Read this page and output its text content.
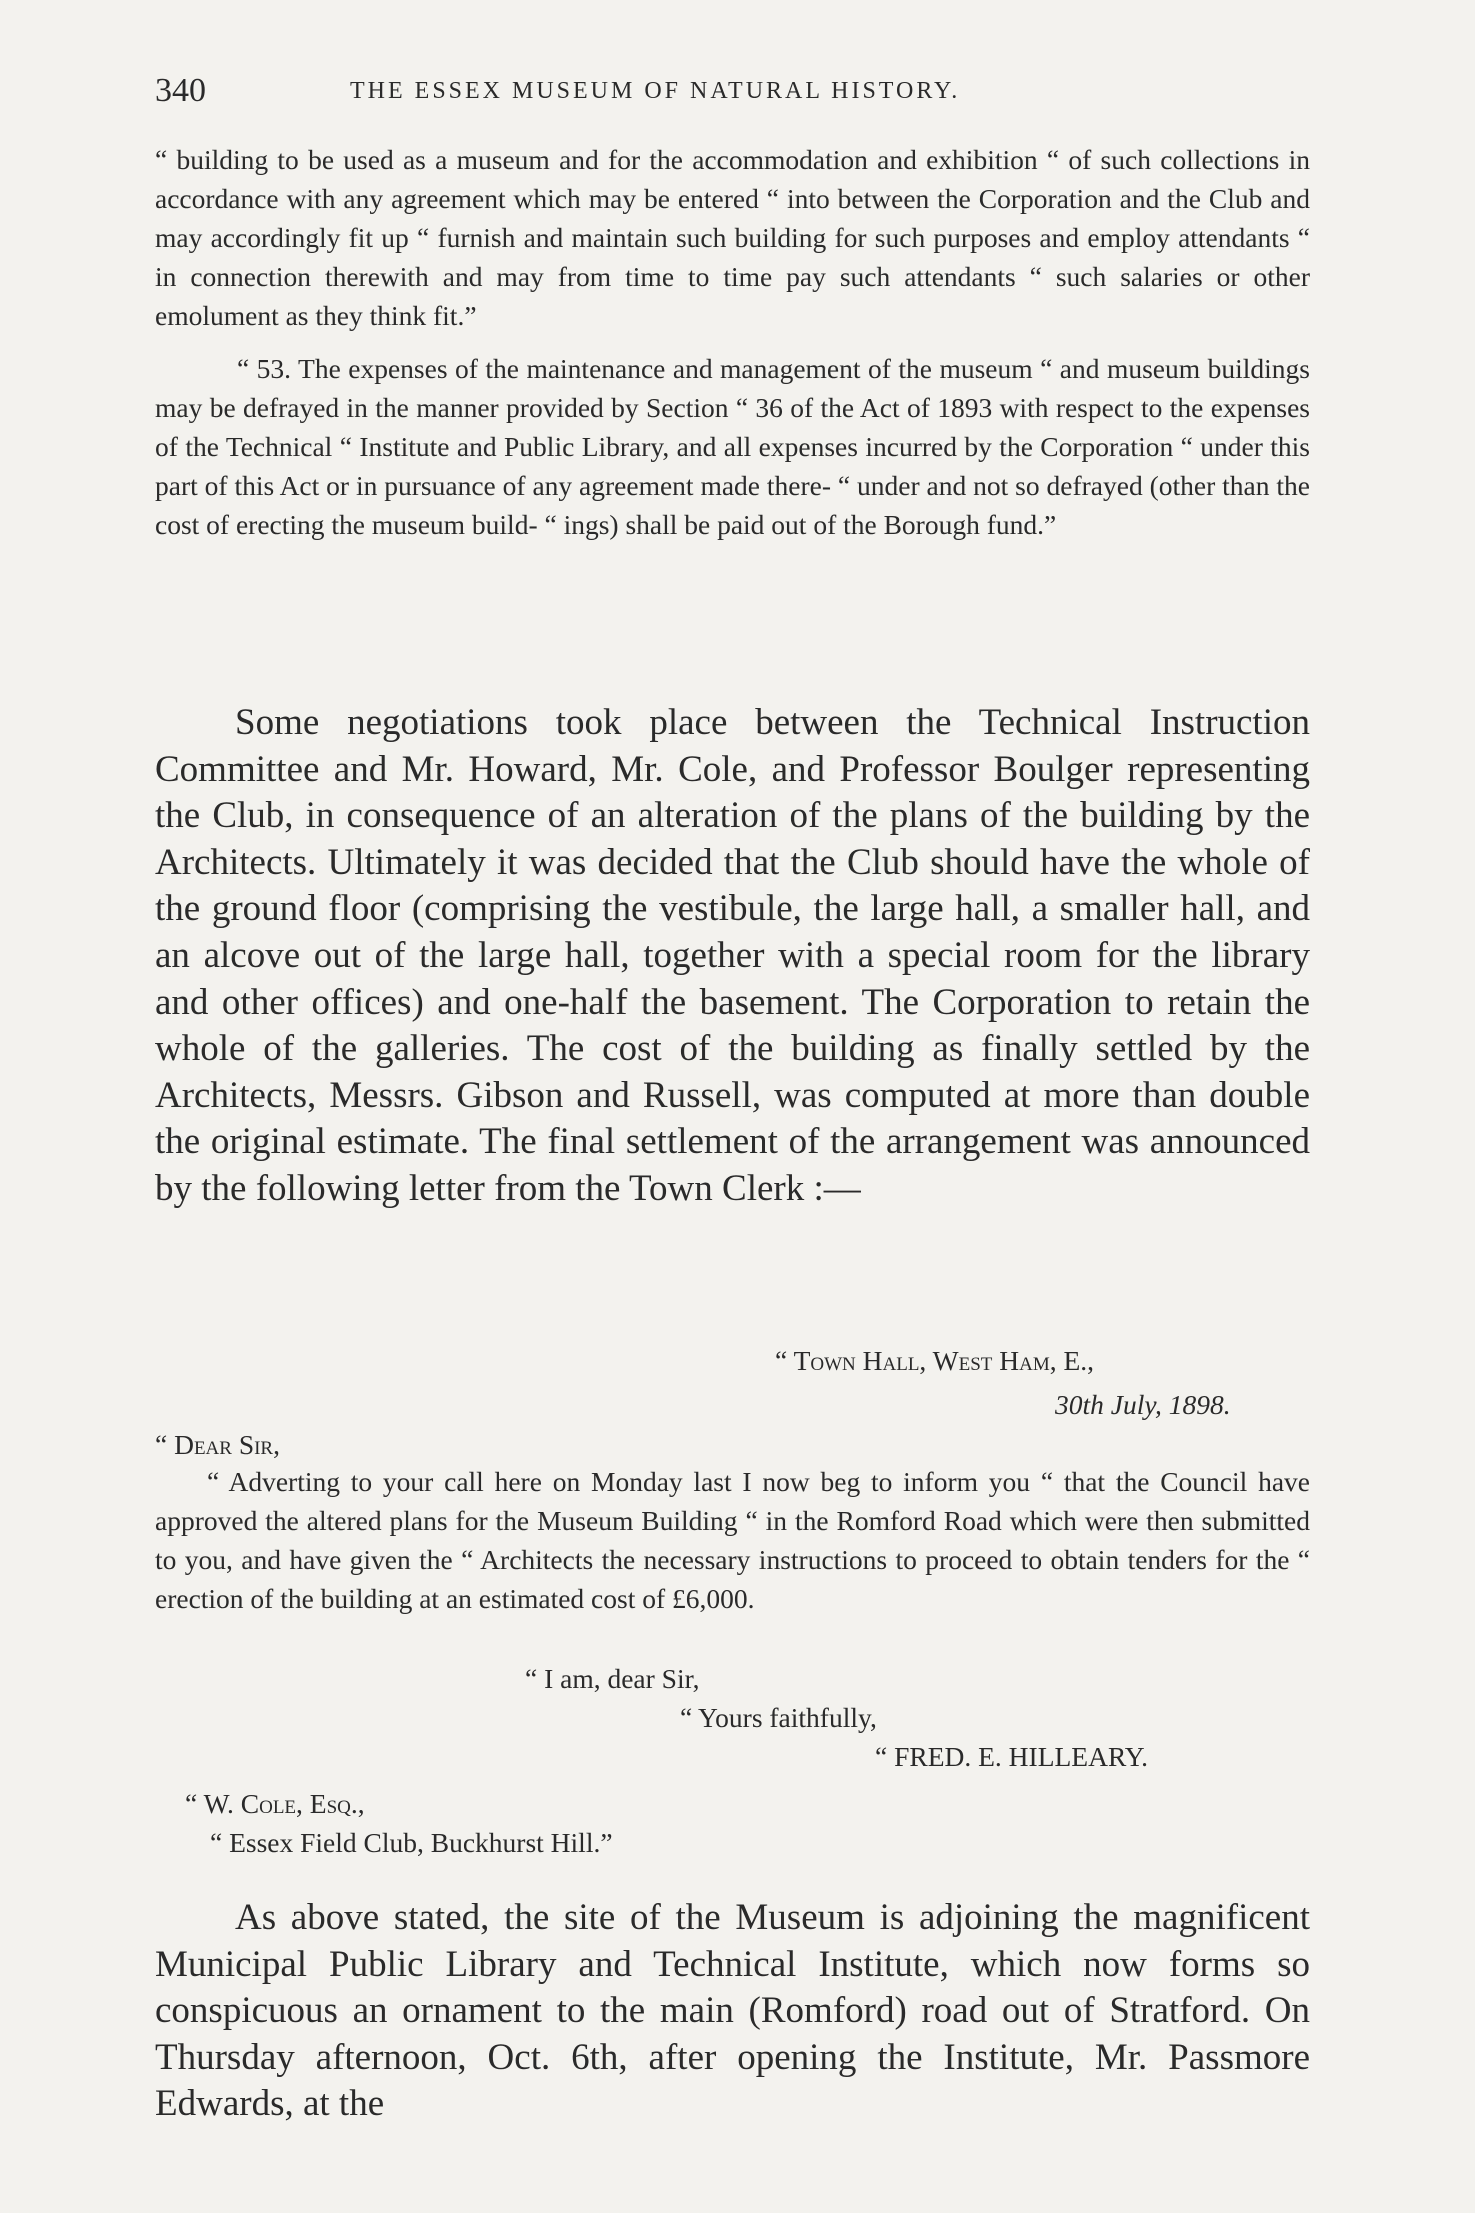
340	THE ESSEX MUSEUM OF NATURAL HISTORY.

“ building to be used as a museum and for the accommodation and exhibition “ of such collections in accordance with any agreement which may be entered “ into between the Corporation and the Club and may accordingly fit up “ furnish and maintain such building for such purposes and employ attendants “ in connection therewith and may from time to time pay such attendants “ such salaries or other emolument as they think fit.”

“ 53. The expenses of the maintenance and management of the museum “ and museum buildings may be defrayed in the manner provided by Section “ 36 of the Act of 1893 with respect to the expenses of the Technical “ Institute and Public Library, and all expenses incurred by the Corporation “ under this part of this Act or in pursuance of any agreement made there- “ under and not so defrayed (other than the cost of erecting the museum build- “ ings) shall be paid out of the Borough fund.”

Some negotiations took place between the Technical Instruction Committee and Mr. Howard, Mr. Cole, and Professor Boulger representing the Club, in consequence of an alteration of the plans of the building by the Architects. Ultimately it was decided that the Club should have the whole of the ground floor (comprising the vestibule, the large hall, a smaller hall, and an alcove out of the large hall, together with a special room for the library and other offices) and one-half the basement. The Corporation to retain the whole of the galleries. The cost of the building as finally settled by the Architects, Messrs. Gibson and Russell, was computed at more than double the original estimate. The final settlement of the arrangement was announced by the following letter from the Town Clerk :—

“ Town Hall, West Ham, E.,
30th July, 1898.
“ Dear Sir,

“ Adverting to your call here on Monday last I now beg to inform you “ that the Council have approved the altered plans for the Museum Building “ in the Romford Road which were then submitted to you, and have given the “ Architects the necessary instructions to proceed to obtain tenders for the “ erection of the building at an estimated cost of £6,000.

“ I am, dear Sir,
“ Yours faithfully,
“ FRED. E. HILLEARY.
“ W. Cole, Esq.,
“ Essex Field Club, Buckhurst Hill.”

As above stated, the site of the Museum is adjoining the magnificent Municipal Public Library and Technical Institute, which now forms so conspicuous an ornament to the main (Romford) road out of Stratford. On Thursday afternoon, Oct. 6th, after opening the Institute, Mr. Passmore Edwards, at the
